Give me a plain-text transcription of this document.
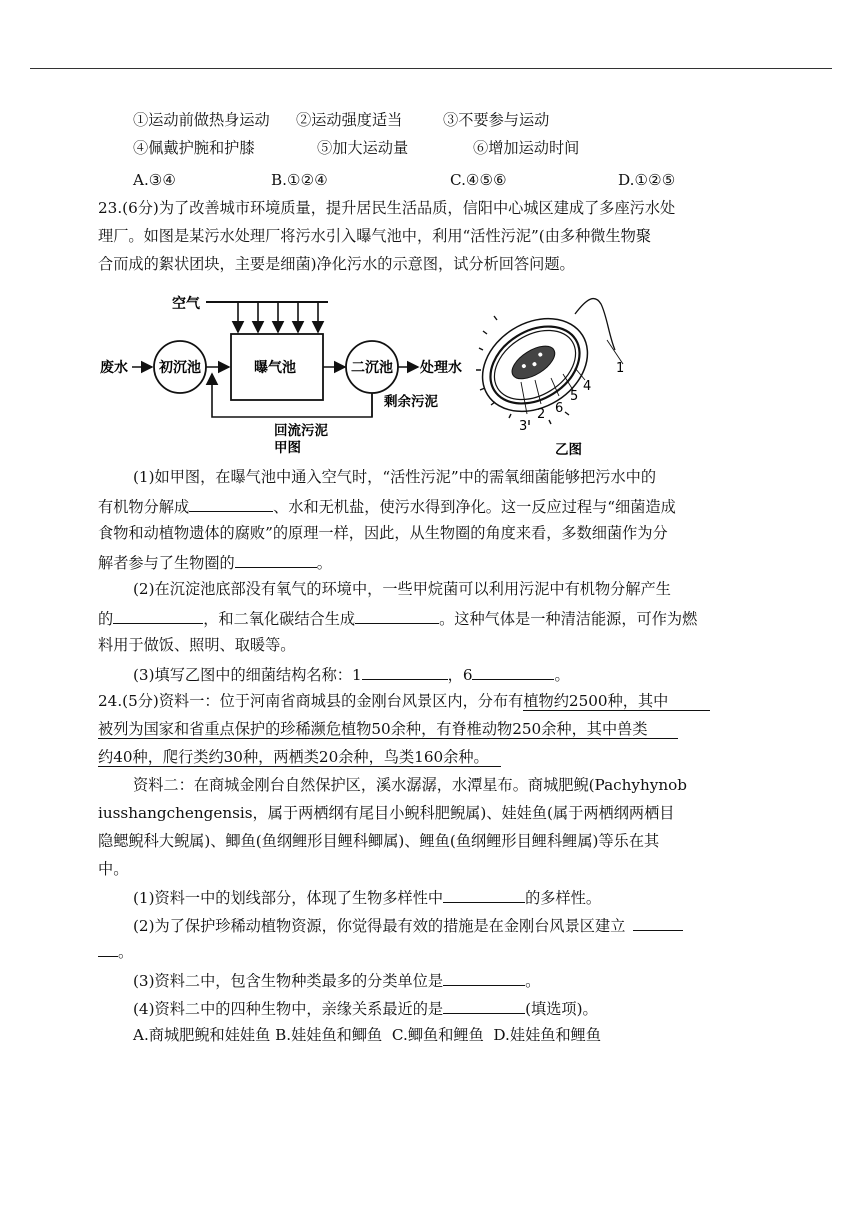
①运动前做热身运动 ②运动强度适当	③不要参与运动
④佩戴护腕和护膝	⑤加大运动量	⑥增加运动时间
A.③④	B.①②④	C.④⑤⑥	D.①②⑤
23.(6分)为了改善城市环境质量，提升居民生活品质，信阳中心城区建成了多座污水处
理厂。如图是某污水处理厂将污水引入曝气池中，利用“活性污泥”(由多种微生物聚
合而成的絮状团块，主要是细菌)净化污水的示意图，试分析回答问题。
空气
废水 初沉池	曝气池	二沉池 处理水
剩余污泥
回流污泥
甲图
1
4
5
6
2
3
乙图
(1)如甲图，在曝气池中通入空气时，“活性污泥”中的需氧细菌能够把污水中的
有机物分解成	、水和无机盐，使污水得到净化。这一反应过程与“细菌造成
食物和动植物遗体的腐败”的原理一样，因此，从生物圈的角度来看，多数细菌作为分
解者参与了生物圈的	。
(2)在沉淀池底部没有氧气的环境中，一些甲烷菌可以利用污泥中有机物分解产生
的	，和二氧化碳结合生成	。这种气体是一种清洁能源，可作为燃
料用于做饭、照明、取暖等。
(3)填写乙图中的细菌结构名称：1	，6	。
24.(5分)资料一：位于河南省商城县的金刚台风景区内，分布有植物约2500种，其中
被列为国家和省重点保护的珍稀濒危植物50余种，有脊椎动物250余种，其中兽类
约40种，爬行类约30种，两栖类20余种，鸟类160余种。
资料二：在商城金刚台自然保护区，溪水潺潺，水潭星布。商城肥鲵(Pachyhynob
iusshangchengensis，属于两栖纲有尾目小鲵科肥鲵属)、娃娃鱼(属于两栖纲两栖目
隐鳃鲵科大鲵属)、鲫鱼(鱼纲鲤形目鲤科鲫属)、鲤鱼(鱼纲鲤形目鲤科鲤属)等乐在其
中。
(1)资料一中的划线部分，体现了生物多样性中	的多样性。
(2)为了保护珍稀动植物资源，你觉得最有效的措施是在金刚台风景区建立
。
(3)资料二中，包含生物种类最多的分类单位是	。
(4)资料二中的四种生物中，亲缘关系最近的是	(填选项)。
A.商城肥鲵和娃娃鱼 B.娃娃鱼和鲫鱼 C.鲫鱼和鲤鱼 D.娃娃鱼和鲤鱼
